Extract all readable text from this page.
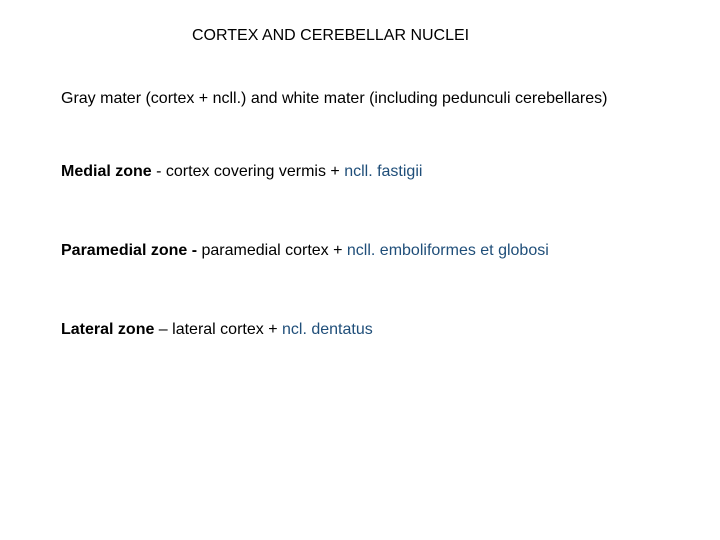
CORTEX AND CEREBELLAR NUCLEI
Gray mater (cortex + ncll.) and white mater (including pedunculi cerebellares)
Medial zone - cortex covering vermis + ncll. fastigii
Paramedial zone - paramedial cortex + ncll. emboliformes et globosi
Lateral zone – lateral cortex + ncl. dentatus
